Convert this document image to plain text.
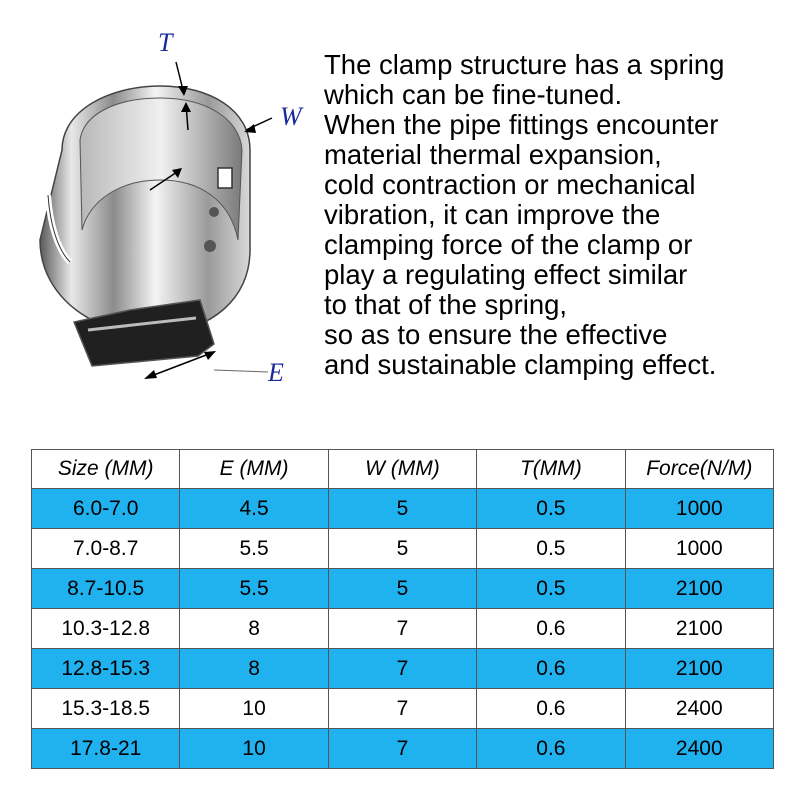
T
W
E
The clamp structure has a spring
which can be fine-tuned.
When the pipe fittings encounter
material thermal expansion,
cold contraction or mechanical
vibration, it can improve the
clamping force of the clamp or
play a regulating effect similar
to that of the spring,
so as to ensure the effective
and sustainable clamping effect.
Size (MM)	E (MM)	W (MM)	T(MM)	Force(N/M)
6.0-7.0	4.5	5	0.5	1000
7.0-8.7	5.5	5	0.5	1000
8.7-10.5	5.5	5	0.5	2100
10.3-12.8	8	7	0.6	2100
12.8-15.3	8	7	0.6	2100
15.3-18.5	10	7	0.6	2400
17.8-21	10	7	0.6	2400
